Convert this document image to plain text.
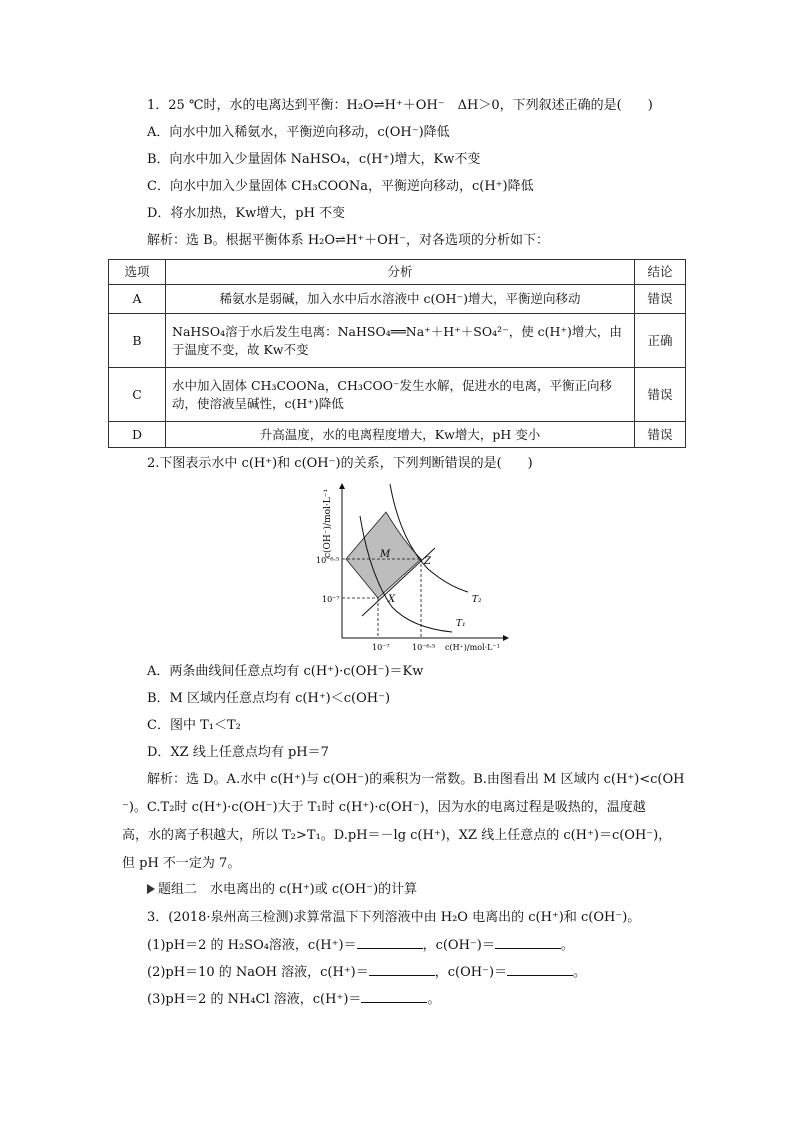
1．25 ℃时，水的电离达到平衡：H₂O⇌H⁺＋OH⁻　ΔH＞0，下列叙述正确的是(　　)
A．向水中加入稀氨水，平衡逆向移动，c(OH⁻)降低
B．向水中加入少量固体 NaHSO₄，c(H⁺)增大，Kw不变
C．向水中加入少量固体 CH₃COONa，平衡逆向移动，c(H⁺)降低
D．将水加热，Kw增大，pH 不变
解析：选 B。根据平衡体系 H₂O⇌H⁺＋OH⁻，对各选项的分析如下：
选项	分析	结论
A	稀氨水是弱碱，加入水中后水溶液中 c(OH⁻)增大，平衡逆向移动	错误
B	NaHSO₄溶于水后发生电离：NaHSO₄══Na⁺＋H⁺＋SO₄²⁻，使 c(H⁺)增大，由于温度不变，故 Kw不变	正确
C	水中加入固体 CH₃COONa，CH₃COO⁻发生水解，促进水的电离，平衡正向移动，使溶液呈碱性，c(H⁺)降低	错误
D	升高温度，水的电离程度增大，Kw增大，pH 变小	错误
2.下图表示水中 c(H⁺)和 c(OH⁻)的关系，下列判断错误的是(　　)
c(OH⁻)/mol·L⁻¹
c(H⁺)/mol·L⁻¹
10⁻⁶·⁵
10⁻⁷
10⁻⁷	10⁻⁶·⁵
M
Z
X
T₁
T₂
A．两条曲线间任意点均有 c(H⁺)·c(OH⁻)＝Kw
B．M 区域内任意点均有 c(H⁺)＜c(OH⁻)
C．图中 T₁＜T₂
D．XZ 线上任意点均有 pH＝7
解析：选 D。A.水中 c(H⁺)与 c(OH⁻)的乘积为一常数。B.由图看出 M 区域内 c(H⁺)<c(OH
⁻)。C.T₂时 c(H⁺)·c(OH⁻)大于 T₁时 c(H⁺)·c(OH⁻)，因为水的电离过程是吸热的，温度越
高，水的离子积越大，所以 T₂>T₁。D.pH＝－lg c(H⁺)，XZ 线上任意点的 c(H⁺)＝c(OH⁻)，
但 pH 不一定为 7。
题组二　水电离出的 c(H⁺)或 c(OH⁻)的计算
3．(2018·泉州高三检测)求算常温下下列溶液中由 H₂O 电离出的 c(H⁺)和 c(OH⁻)。
(1)pH＝2 的 H₂SO₄溶液，c(H⁺)＝	，c(OH⁻)＝	。
(2)pH＝10 的 NaOH 溶液，c(H⁺)＝	，c(OH⁻)＝	。
(3)pH＝2 的 NH₄Cl 溶液，c(H⁺)＝	。
